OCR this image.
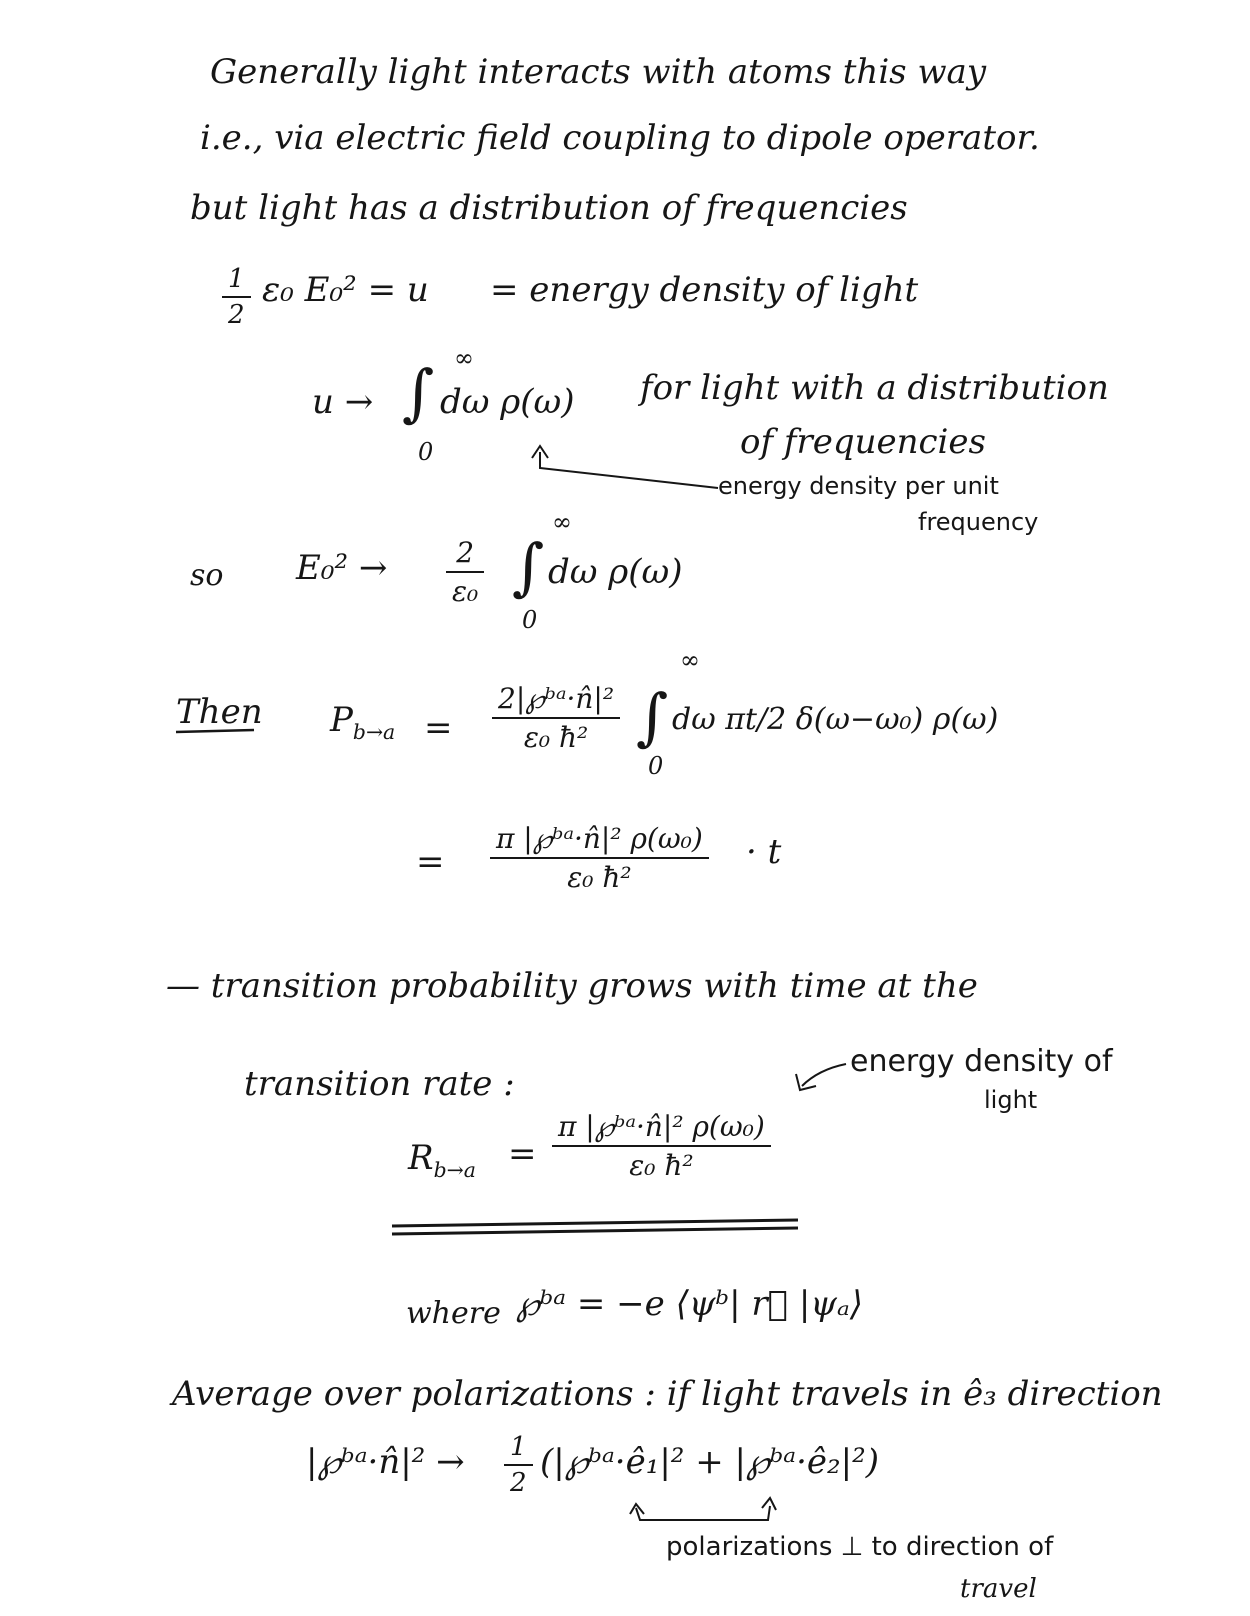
Generally light interacts with atoms this way
i.e., via electric field coupling to dipole operator.
but light has a distribution of frequencies
1
2
ε₀ E₀² = u = energy density of light
u → ∫ ∞
0
dω ρ(ω) for light with a distribution
of frequencies
energy density per unit
frequency
so E₀² → 2
ε₀ ∫
∞
0
dω ρ(ω)
Then $P_{b\to a}$ =
2|℘ᵇᵃ·n̂|²
ε₀ ħ² ∫
∞
0
dω πt/2 δ(ω−ω₀) ρ(ω)
=
π |℘ᵇᵃ·n̂|² ρ(ω₀)
ε₀ ħ²
· t
— transition probability grows with time at the
transition rate :
energy density of
light
$R_{b\to a}$ =
π |℘ᵇᵃ·n̂|² ρ(ω₀)
ε₀ ħ²
where ℘ᵇᵃ = −e ⟨ψᵇ| r⃗ |ψₐ⟩
Average over polarizations : if light travels in ê₃ direction
|℘ᵇᵃ·n̂|² → 1
2
(|℘ᵇᵃ·ê₁|² + |℘ᵇᵃ·ê₂|²)
polarizations ⊥ to direction of
travel
